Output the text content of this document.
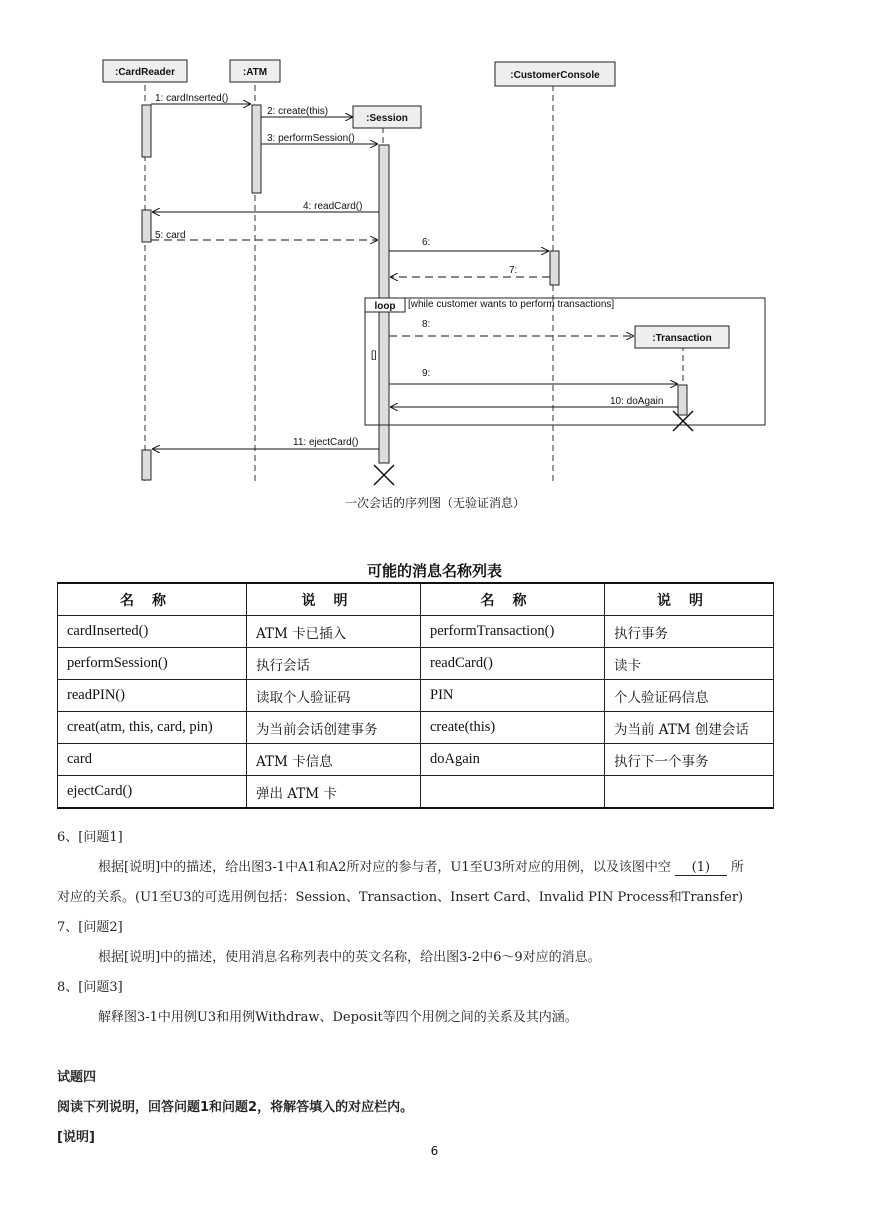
:CardReader	:ATM	:CustomerConsole
:Session
:Transaction
loop [while customer wants to perform transactions]
[]
1: cardInserted()
2: create(this)
3: performSession()
4: readCard()
5: card
6:
7:
8:
9:
10: doAgain
11: ejectCard()
一次会话的序列图（无验证消息）
可能的消息名称列表
名称	说明	名称	说明
cardInserted()	ATM 卡已插入	performTransaction()	执行事务
performSession()	执行会话	readCard()	读卡
readPIN()	读取个人验证码	PIN	个人验证码信息
creat(atm, this, card, pin)	为当前会话创建事务	create(this)	为当前 ATM 创建会话
card	ATM 卡信息	doAgain	执行下一个事务
ejectCard()	弹出 ATM 卡		
6、[问题1]
根据[说明]中的描述，给出图3-1中A1和A2所对应的参与者，U1至U3所对应的用例，以及该图中空 (1) 所
对应的关系。(U1至U3的可选用例包括：Session、Transaction、Insert Card、Invalid PIN Process和Transfer)
7、[问题2]
根据[说明]中的描述，使用消息名称列表中的英文名称，给出图3-2中6～9对应的消息。
8、[问题3]
解释图3-1中用例U3和用例Withdraw、Deposit等四个用例之间的关系及其内涵。
试题四
阅读下列说明，回答问题1和问题2，将解答填入的对应栏内。
[说明]
6
